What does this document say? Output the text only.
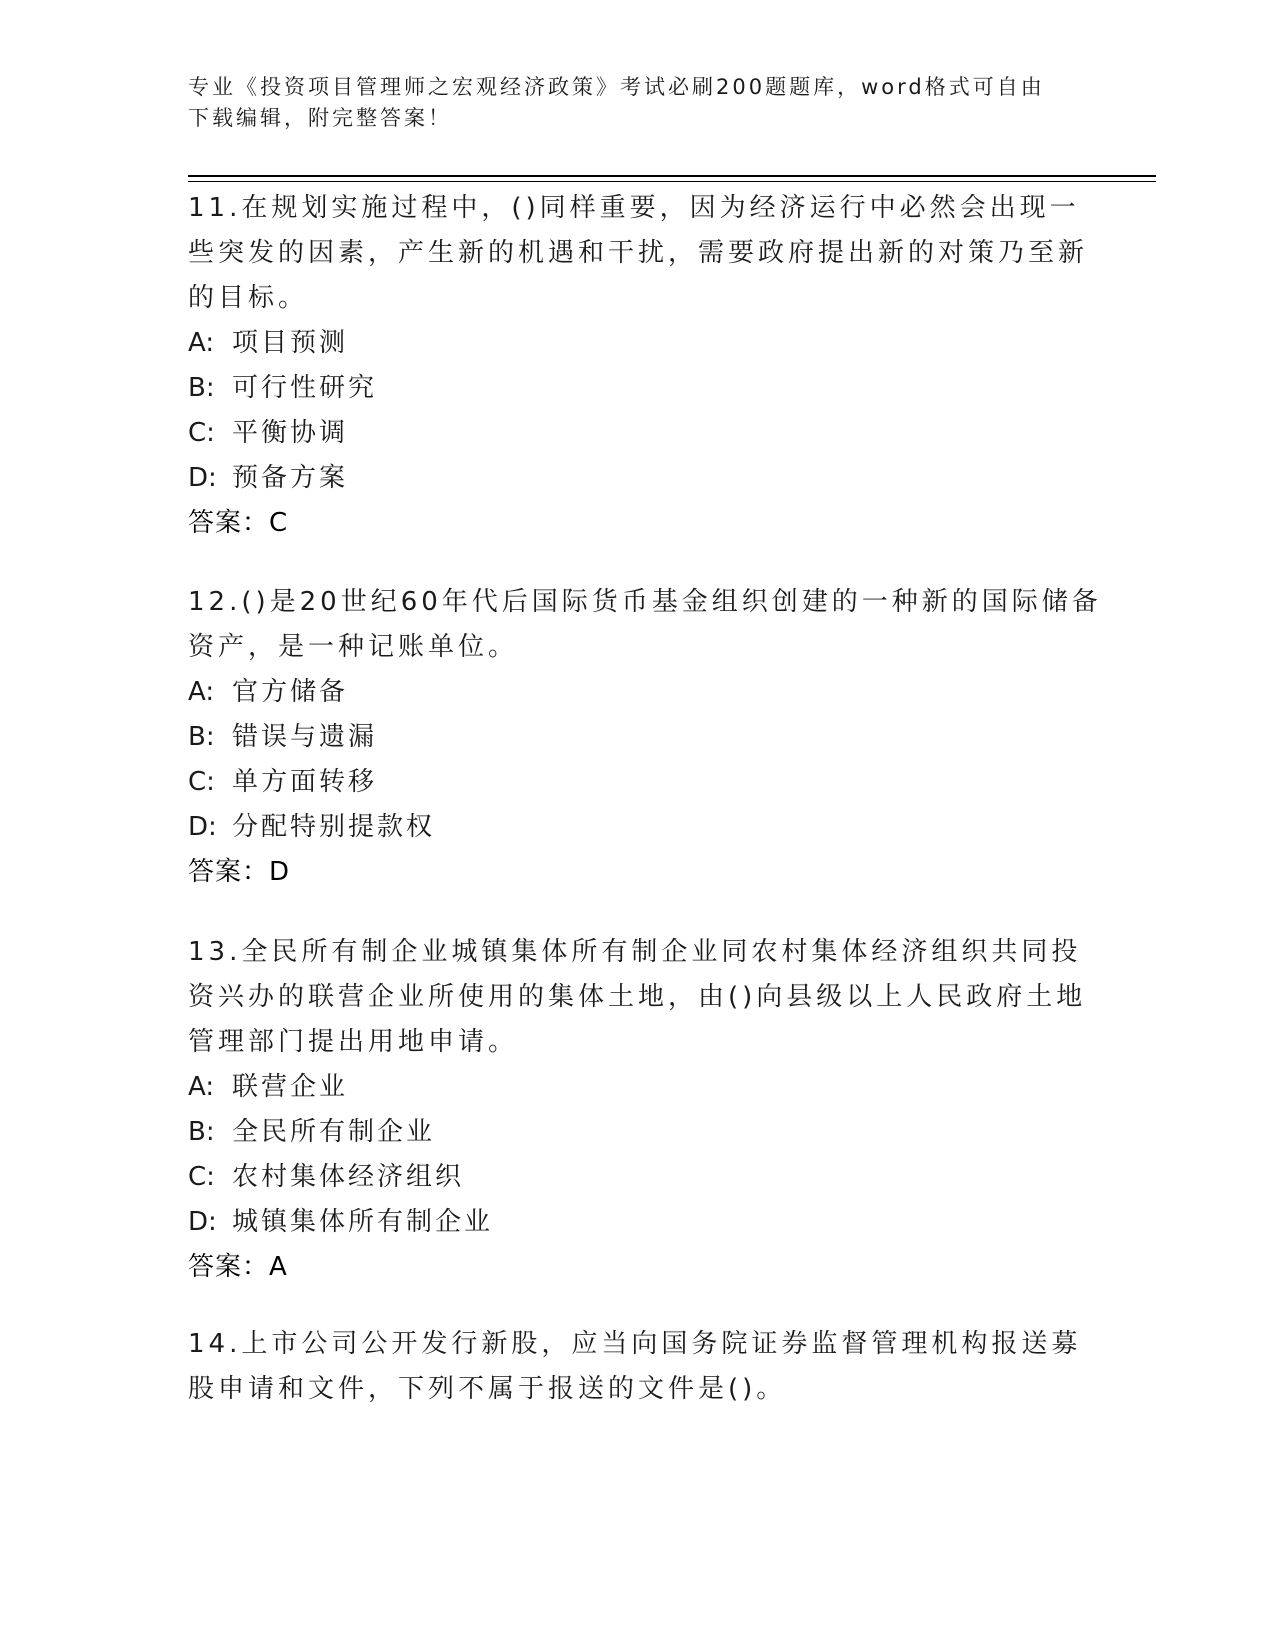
专业《投资项目管理师之宏观经济政策》考试必刷200题题库，word格式可自由下载编辑，附完整答案！
11.在规划实施过程中，()同样重要，因为经济运行中必然会出现一些突发的因素，产生新的机遇和干扰，需要政府提出新的对策乃至新的目标。
A: 项目预测
B: 可行性研究
C: 平衡协调
D: 预备方案
答案：C
12.()是20世纪60年代后国际货币基金组织创建的一种新的国际储备资产，是一种记账单位。
A: 官方储备
B: 错误与遗漏
C: 单方面转移
D: 分配特别提款权
答案：D
13.全民所有制企业城镇集体所有制企业同农村集体经济组织共同投资兴办的联营企业所使用的集体土地，由()向县级以上人民政府土地管理部门提出用地申请。
A: 联营企业
B: 全民所有制企业
C: 农村集体经济组织
D: 城镇集体所有制企业
答案：A
14.上市公司公开发行新股，应当向国务院证券监督管理机构报送募股申请和文件，下列不属于报送的文件是()。
